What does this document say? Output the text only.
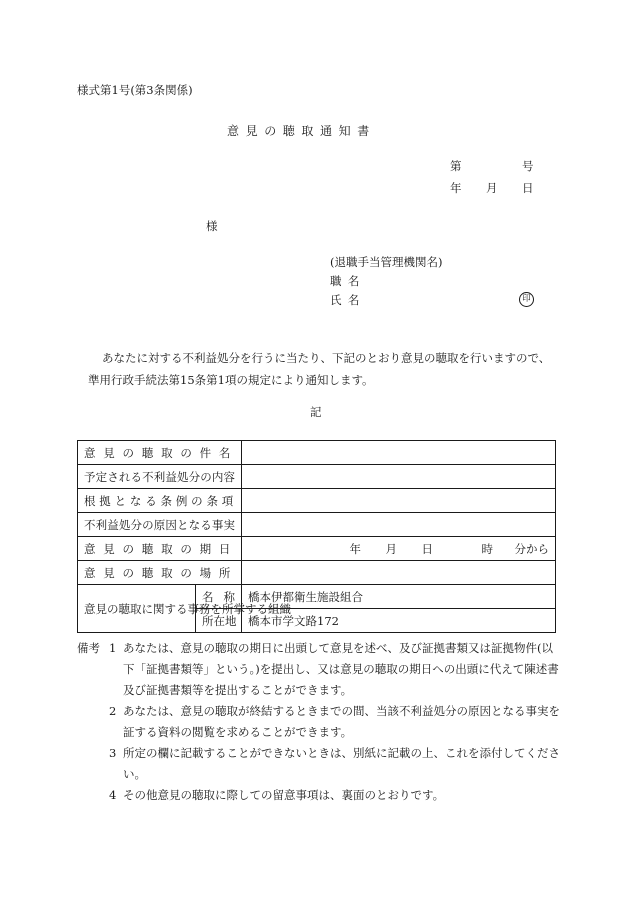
様式第1号(第3条関係)
意見の聴取通知書
第	号
年 月 日
様
(退職手当管理機関名)
職名
氏名	印

あなたに対する不利益処分を行うに当たり、下記のとおり意見の聴取を行いますので、

準用行政手続法第15条第1項の規定により通知します。

記
意見の聴取の件名		
予定される不利益処分の内容		
根拠となる条例の条項		
不利益処分の原因となる事実		
意見の聴取の期日		年 月 日 時 分から
意見の聴取の場所		
意見の聴取に関する事務を所掌する組織	名称	橋本伊都衛生施設組合
	所在地	橋本市学文路172
備考 1 あなたは、意見の聴取の期日に出頭して意見を述べ、及び証拠書類又は証拠物件(以下「証拠書類等」という。)を提出し、又は意見の聴取の期日への出頭に代えて陳述書及び証拠書類等を提出することができます。
2 あなたは、意見の聴取が終結するときまでの間、当該不利益処分の原因となる事実を証する資料の閲覧を求めることができます。
3 所定の欄に記載することができないときは、別紙に記載の上、これを添付してください。
4 その他意見の聴取に際しての留意事項は、裏面のとおりです。
